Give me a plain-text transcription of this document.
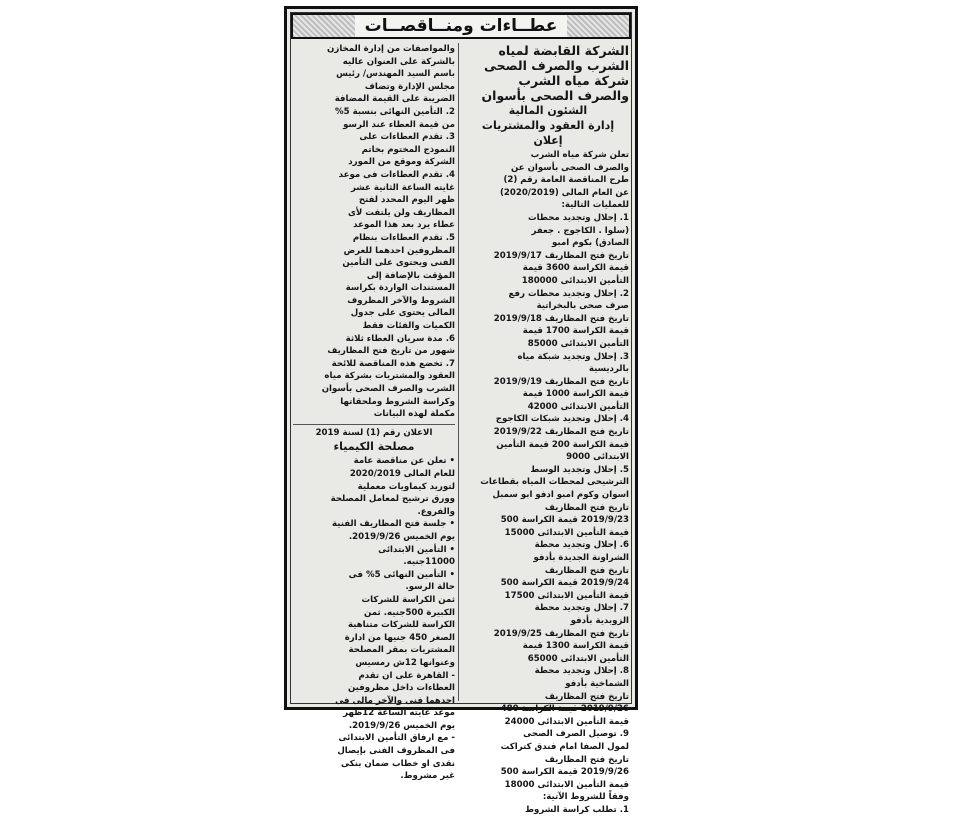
عطــاءات ومنــاقصــات
الشركة القابضة لمياه
الشرب والصرف الصحى
شركة مياه الشرب
والصرف الصحى بأسوان
الشئون المالية
إدارة العقود والمشتريات
إعلان
تعلن شركة مياه الشرب
والصرف الصحى بأسوان عن
طرح المناقصة العامة رقم (2)
عن العام المالى (2020/2019)
للعمليات التالية:
1. إحلال وتجديد محطات
(سلوا . الكاجوج . جعفر
الصادق) بكوم امبو
تاريخ فتح المظاريف 2019/9/17
قيمة الكراسة 3600 قيمة
التأمين الابتدائى 180000
2. إحلال وتجديد محطات رفع
صرف صحى بالبخراتية
تاريخ فتح المظاريف 2019/9/18
قيمة الكراسة 1700 قيمة
التأمين الابتدائى 85000
3. إحلال وتجديد شبكة مياه
بالرديسية
تاريخ فتح المظاريف 2019/9/19
قيمة الكراسة 1000 قيمة
التأمين الابتدائى 42000
4. إحلال وتجديد شبكات الكاجوج
تاريخ فتح المظاريف 2019/9/22
قيمة الكراسة 200 قيمة التأمين
الابتدائى 9000
5. إحلال وتجديد الوسط
الترشيحى لمحطات المياه بقطاعات
اسوان وكوم امبو ادفو ابو سمبل
تاريخ فتح المظاريف
2019/9/23 قيمة الكراسة 500
قيمة التأمين الابتدائى 15000
6. إحلال وتجديد محطة
الشراونة الجديدة بأدفو
تاريخ فتح المظاريف
2019/9/24 قيمة الكراسة 500
قيمة التأمين الابتدائى 17500
7. إحلال وتجديد محطة
الزوبدية بأدفو
تاريخ فتح المظاريف 2019/9/25
قيمة الكراسة 1300 قيمة
التأمين الابتدائى 65000
8. إحلال وتجديد محطة
الشماخية بأدفو
تاريخ فتح المظاريف
2019/9/26 قيمة الكراسة 480
قيمة التأمين الابتدائى 24000
9. توصيل الصرف الصحى
لمول الصفا امام فندق كتراكت
تاريخ فتح المظاريف
2019/9/26 قيمة الكراسة 500
قيمة التأمين الابتدائى 18000
وفقاً للشروط الآتية:
1. تطلب كراسة الشروط
والمواصفات من إدارة المخازن
بالشركة على العنوان عاليه
باسم السيد المهندس/ رئيس
مجلس الإدارة وتضاف
الضريبة على القيمة المضافة
2. التأمين النهائى بنسبة 5%
من قيمة العطاء عند الرسو
3. تقدم العطاءات على
النموذج المختوم بخاتم
الشركة وموقع من المورد
4. تقدم العطاءات فى موعد
غايته الساعة الثانية عشر
ظهر اليوم المحدد لفتح
المظاريف ولن يلتفت لأى
عطاء يرد بعد هذا الموعد
5. تقدم العطاءات بنظام
المظروفين احدهما للعرض
الفنى ويحتوى على التأمين
المؤقت بالإضافة إلى
المستندات الواردة بكراسة
الشروط والآخر المظروف
المالى يحتوى على جدول
الكميات والفئات فقط
6. مدة سريان العطاء ثلاثة
شهور من تاريخ فتح المظاريف
7. تخضع هذه المناقصة للائحة
العقود والمشتريات بشركة مياه
الشرب والصرف الصحى بأسوان
وكراسة الشروط وملحقاتها
مكملة لهذه البيانات
الاعلان رقم (1) لسنة 2019
مصلحة الكيمياء
• تعلن عن مناقصة عامة
للعام المالى 2020/2019
لتوريد كيماويات معملية
وورق ترشيح لمعامل المصلحة
والفروع.
• جلسة فتح المظاريف الفنية
يوم الخميس 2019/9/26.
• التأمين الابتدائى
11000جنيه.
• التأمين النهائى 5% فى
حالة الرسو.
ثمن الكراسة للشركات
الكبيرة 500جنيه. ثمن
الكراسة للشركات متناهية
الصغر 450 جنيها من ادارة
المشتريات بمقر المصلحة
وعنوانها 12ش رمسيس
- القاهرة على ان تقدم
العطاءات داخل مظروفين
احدهما فنى والآخر مالى فى
موعد غايته الساعة 12ظهر
يوم الخميس 2019/9/26.
- مع ارفاق التأمين الابتدائى
فى المظروف الفنى بإيصال
نقدى او خطاب ضمان بنكى
غير مشروط.
